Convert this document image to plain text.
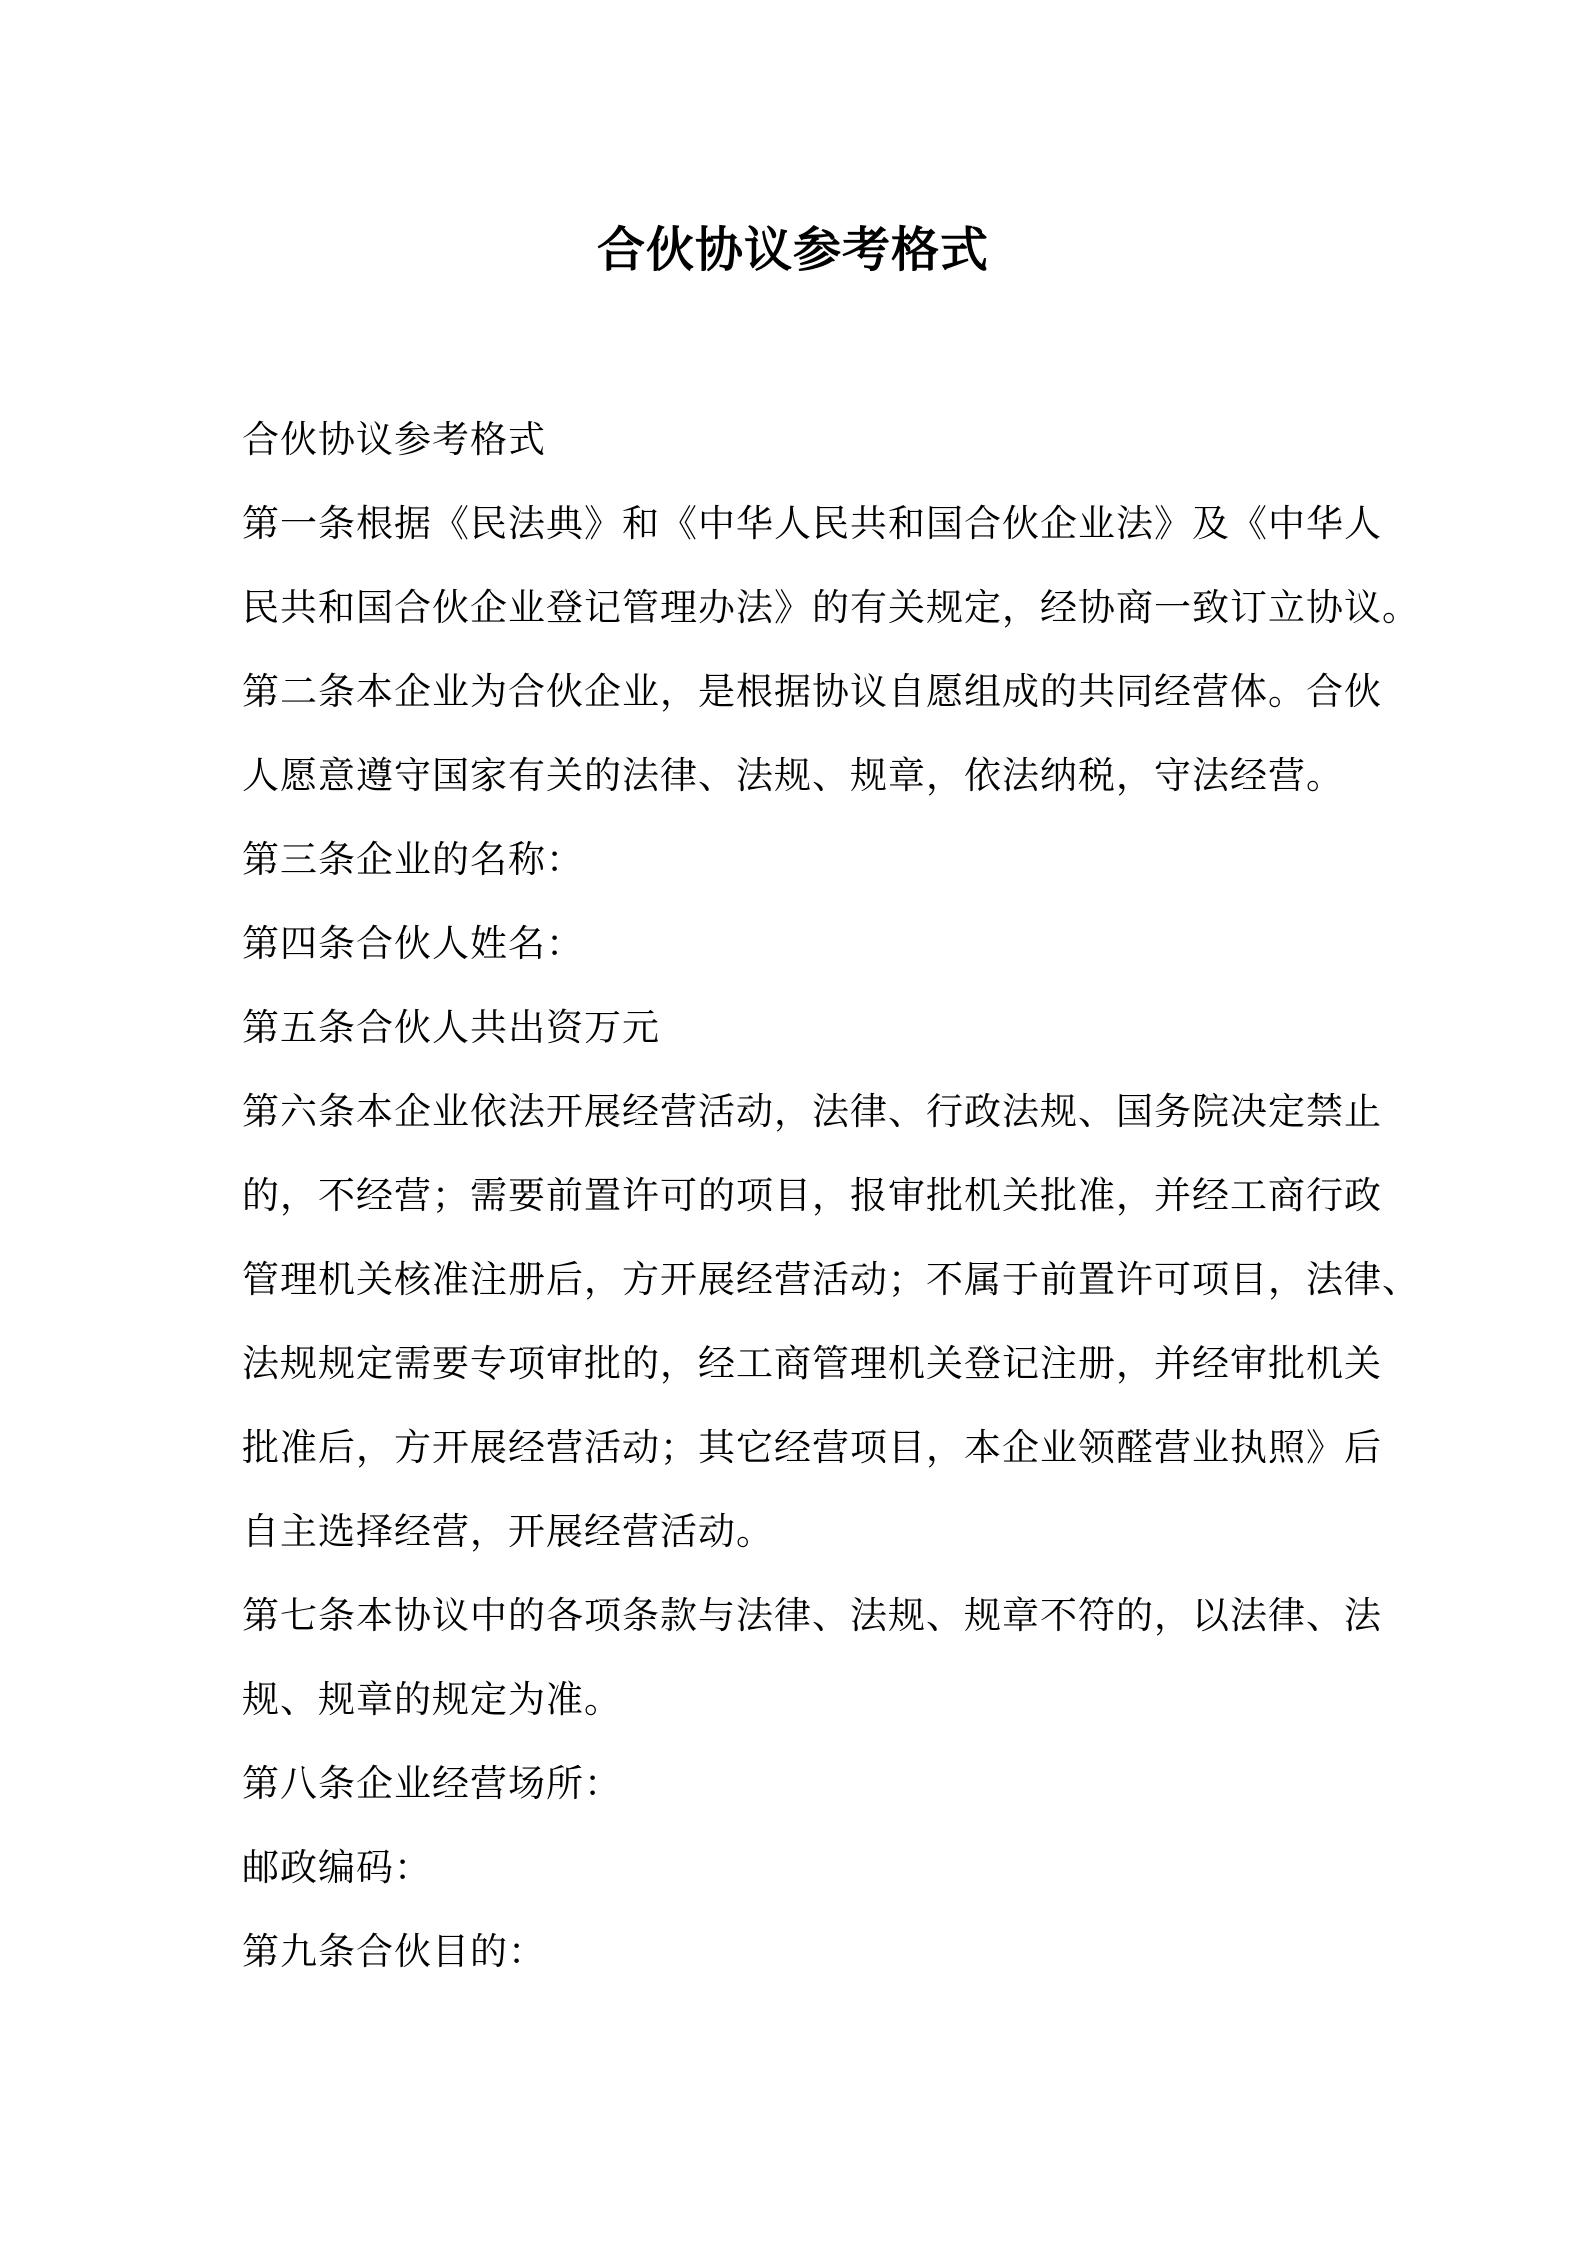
合伙协议参考格式

合伙协议参考格式

第一条根据《民法典》和《中华人民共和国合伙企业法》及《中华人
民共和国合伙企业登记管理办法》的有关规定，经协商一致订立协议。

第二条本企业为合伙企业，是根据协议自愿组成的共同经营体。合伙
人愿意遵守国家有关的法律、法规、规章，依法纳税，守法经营。

第三条企业的名称：

第四条合伙人姓名：

第五条合伙人共出资万元

第六条本企业依法开展经营活动，法律、行政法规、国务院决定禁止
的，不经营；需要前置许可的项目，报审批机关批准，并经工商行政
管理机关核准注册后，方开展经营活动；不属于前置许可项目，法律、
法规规定需要专项审批的，经工商管理机关登记注册，并经审批机关
批准后，方开展经营活动；其它经营项目，本企业领醛营业执照》后
自主选择经营，开展经营活动。

第七条本协议中的各项条款与法律、法规、规章不符的，以法律、法
规、规章的规定为准。

第八条企业经营场所：

邮政编码：

第九条合伙目的：
